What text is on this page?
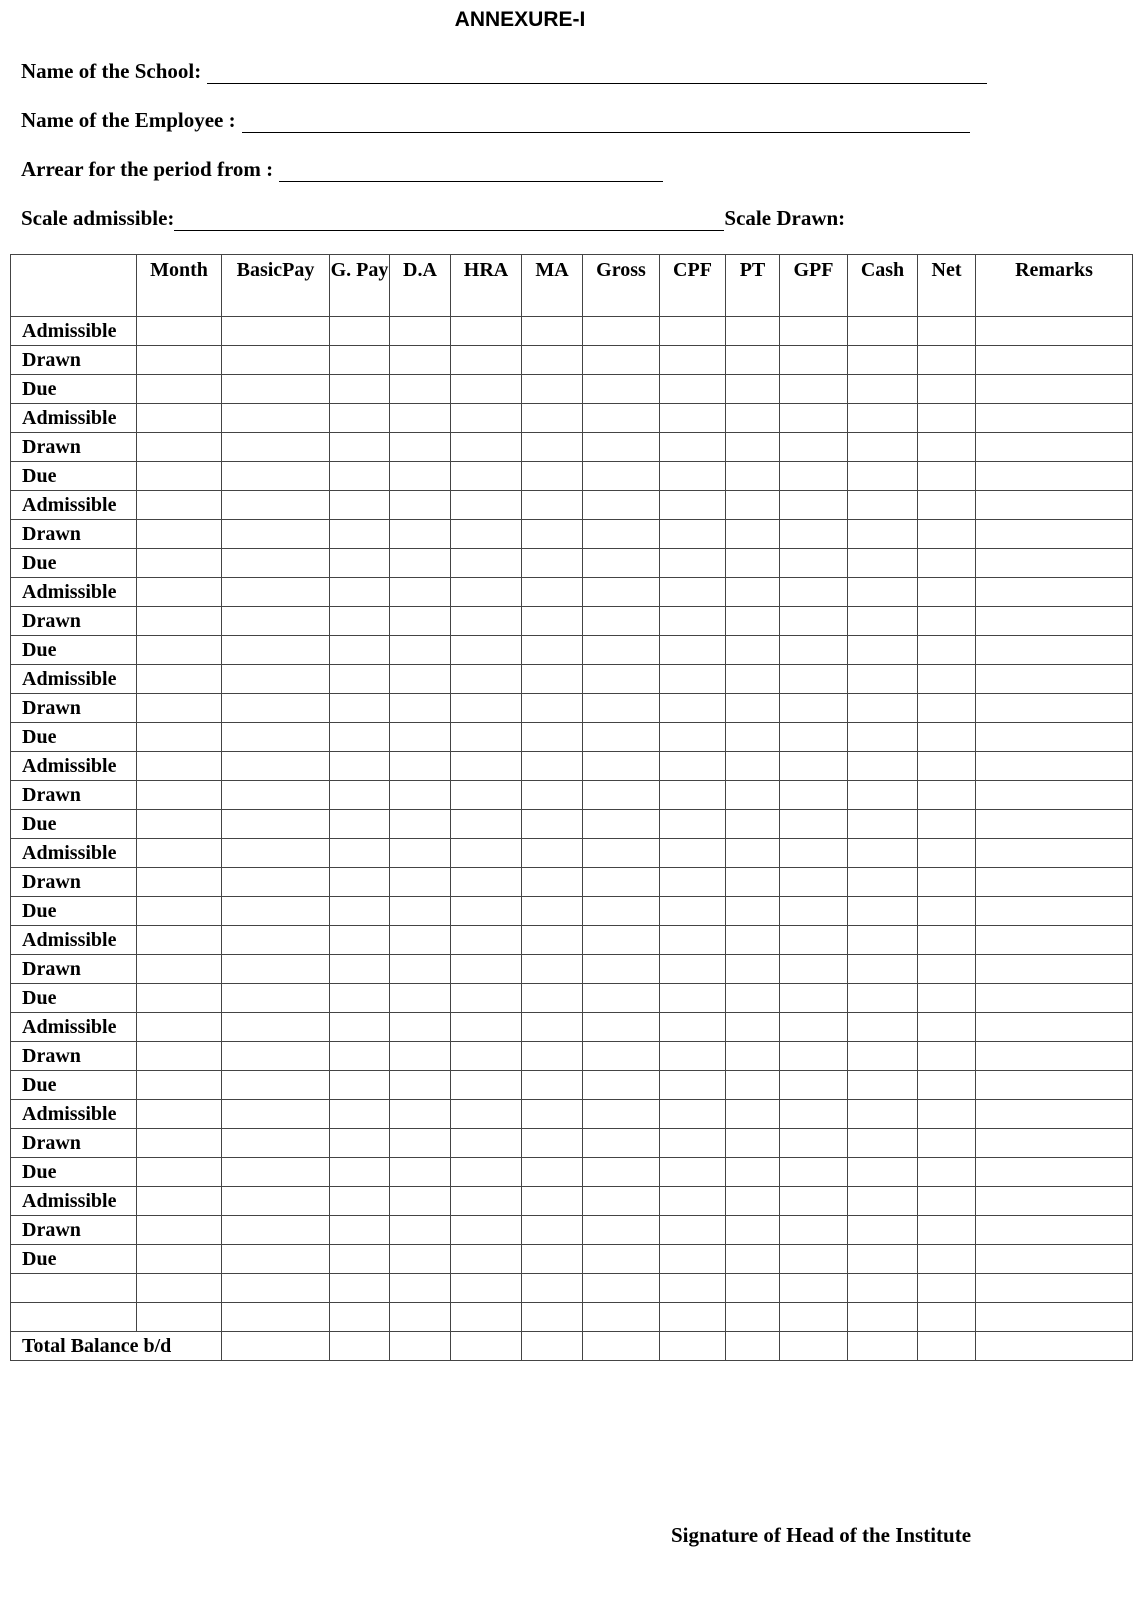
ANNEXURE-I
Name of the School:
Name of the Employee :
Arrear for the period from :
Scale admissible:	Scale Drawn:
	Month	BasicPay	G. Pay	D.A	HRA	MA	Gross	CPF	PT	GPF	Cash	Net	Remarks
Admissible													
Drawn													
Due													
Admissible													
Drawn													
Due													
Admissible													
Drawn													
Due													
Admissible													
Drawn													
Due													
Admissible													
Drawn													
Due													
Admissible													
Drawn													
Due													
Admissible													
Drawn													
Due													
Admissible													
Drawn													
Due													
Admissible													
Drawn													
Due													
Admissible													
Drawn													
Due													
Admissible													
Drawn													
Due													

Total Balance b/d													
Signature of Head of the Institute
